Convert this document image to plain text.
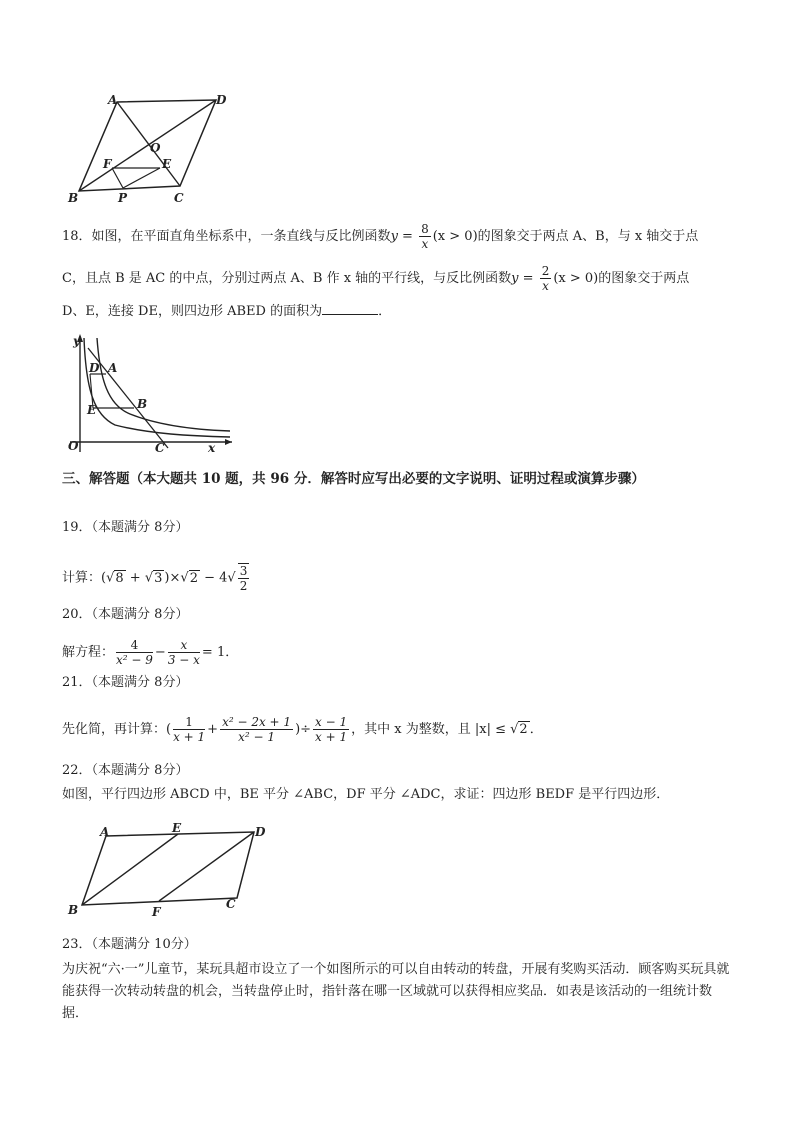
A	D
O
F	E
B	P	C
18．如图，在平面直角坐标系中，一条直线与反比例函数$y = \frac{8}{x} (x > 0)$的图象交于两点 A、B，与 x 轴交于点
C，且点 B 是 AC 的中点，分别过两点 A、B 作 x 轴的平行线，与反比例函数$y = \frac{2}{x} (x > 0)$的图象交于两点
D、E，连接 DE，则四边形 ABED 的面积为	．
y
D A
E	B
O	C	x
三、解答题（本大题共 10 题，共 96 分．解答时应写出必要的文字说明、证明过程或演算步骤）
19．（本题满分 8分）
计算：(√8 + √3 )$\times√2 - 4√ \frac{3}{2}$
20．（本题满分 8分）
解方程： $\frac{4}{\text{x² − 9}} - \frac{x}{3 - x} = 1$．
21．（本题满分 8分）
先化简，再计算：( $\frac{1}{x + 1} + \frac{\text{x² − 2x + 1}}{\text{x² − 1}}$ )÷ $\frac{x - 1}{x + 1}$ ，其中 x 为整数，且 |x| ≤ √2 ．
22．（本题满分 8分）
如图，平行四边形 ABCD 中，BE 平分 ∠ABC，DF 平分 ∠ADC，求证：四边形 BEDF 是平行四边形．
A	E	D
B	F
C
23．（本题满分 10分）
为庆祝“六·一”儿童节，某玩具超市设立了一个如图所示的可以自由转动的转盘，开展有奖购买活动．顾客购买玩具就能获得一次转动转盘的机会，当转盘停止时，指针落在哪一区域就可以获得相应奖品．如表是该活动的一组统计数据．
